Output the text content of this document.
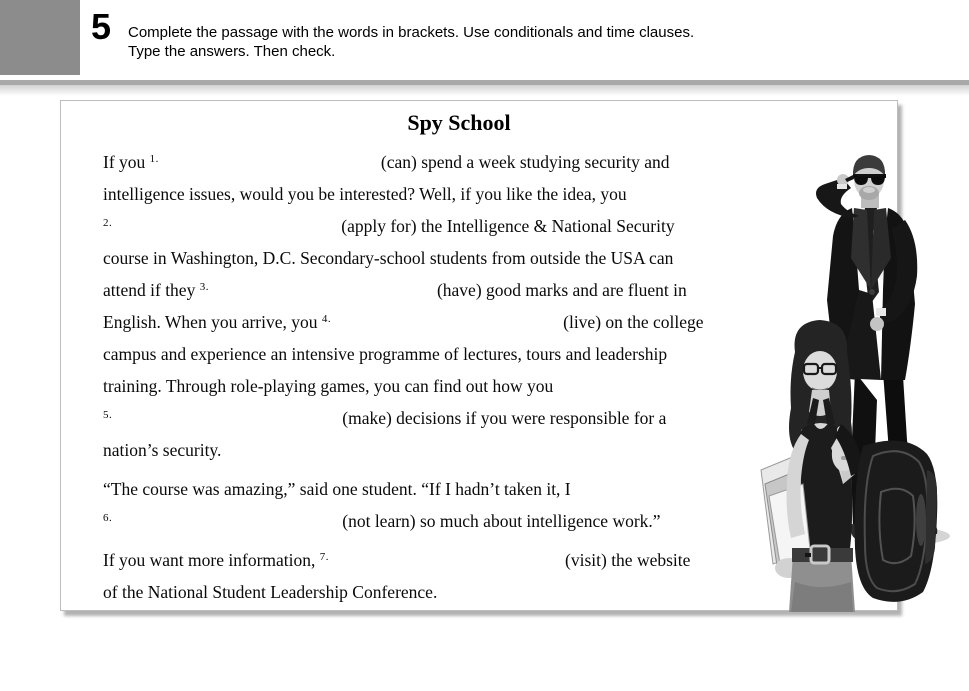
5 Complete the passage with the words in brackets. Use conditionals and time clauses.
Type the answers. Then check.
Spy School
If you $^{1.}$	(can) spend a week studying security and
intelligence issues, would you be interested? Well, if you like the idea, you
$^{2.}$	(apply for) the Intelligence & National Security
course in Washington, D.C. Secondary-school students from outside the USA can
attend if they $^{3.}$	(have) good marks and are fluent in
English. When you arrive, you $^{4.}$	(live) on the college
campus and experience an intensive programme of lectures, tours and leadership
training. Through role-playing games, you can find out how you
$^{5.}$	(make) decisions if you were responsible for a
nation’s security.
“The course was amazing,” said one student. “If I hadn’t taken it, I
$^{6.}$	(not learn) so much about intelligence work.”
If you want more information, $^{7.}$	(visit) the website
of the National Student Leadership Conference.
